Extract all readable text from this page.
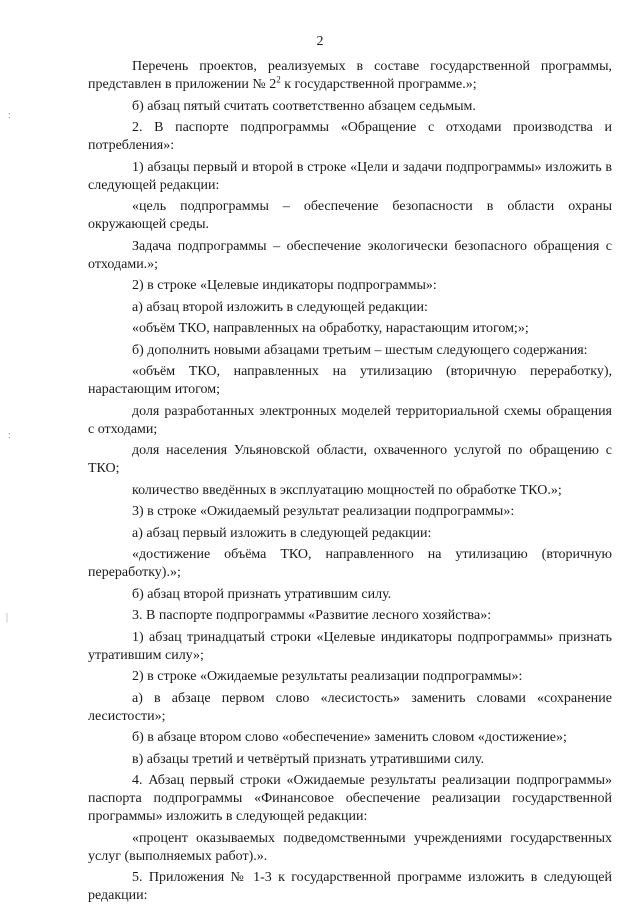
2
:
:
|

Перечень проектов, реализуемых в составе государственной программы, представлен в приложении № $2^2$ к государственной программе.»;

б) абзац пятый считать соответственно абзацем седьмым.

2. В паспорте подпрограммы «Обращение с отходами производства и потребления»:

1) абзацы первый и второй в строке «Цели и задачи подпрограммы» изложить в следующей редакции:

«цель подпрограммы – обеспечение безопасности в области охраны окружающей среды.

Задача подпрограммы – обеспечение экологически безопасного обращения с отходами.»;

2) в строке «Целевые индикаторы подпрограммы»:

а) абзац второй изложить в следующей редакции:

«объём ТКО, направленных на обработку, нарастающим итогом;»;

б) дополнить новыми абзацами третьим – шестым следующего содержания:

«объём ТКО, направленных на утилизацию (вторичную переработку), нарастающим итогом;

доля разработанных электронных моделей территориальной схемы обращения с отходами;

доля населения Ульяновской области, охваченного услугой по обращению с ТКО;

количество введённых в эксплуатацию мощностей по обработке ТКО.»;

3) в строке «Ожидаемый результат реализации подпрограммы»:

а) абзац первый изложить в следующей редакции:

«достижение объёма ТКО, направленного на утилизацию (вторичную переработку).»;

б) абзац второй признать утратившим силу.

3. В паспорте подпрограммы «Развитие лесного хозяйства»:

1) абзац тринадцатый строки «Целевые индикаторы подпрограммы» признать утратившим силу»;

2) в строке «Ожидаемые результаты реализации подпрограммы»:

а) в абзаце первом слово «лесистость» заменить словами «сохранение лесистости»;

б) в абзаце втором слово «обеспечение» заменить словом «достижение»;

в) абзацы третий и четвёртый признать утратившими силу.

4. Абзац первый строки «Ожидаемые результаты реализации подпрограммы» паспорта подпрограммы «Финансовое обеспечение реализации государственной программы» изложить в следующей редакции:

«процент оказываемых подведомственными учреждениями государственных услуг (выполняемых работ).».

5. Приложения № 1-3 к государственной программе изложить в следующей редакции:
